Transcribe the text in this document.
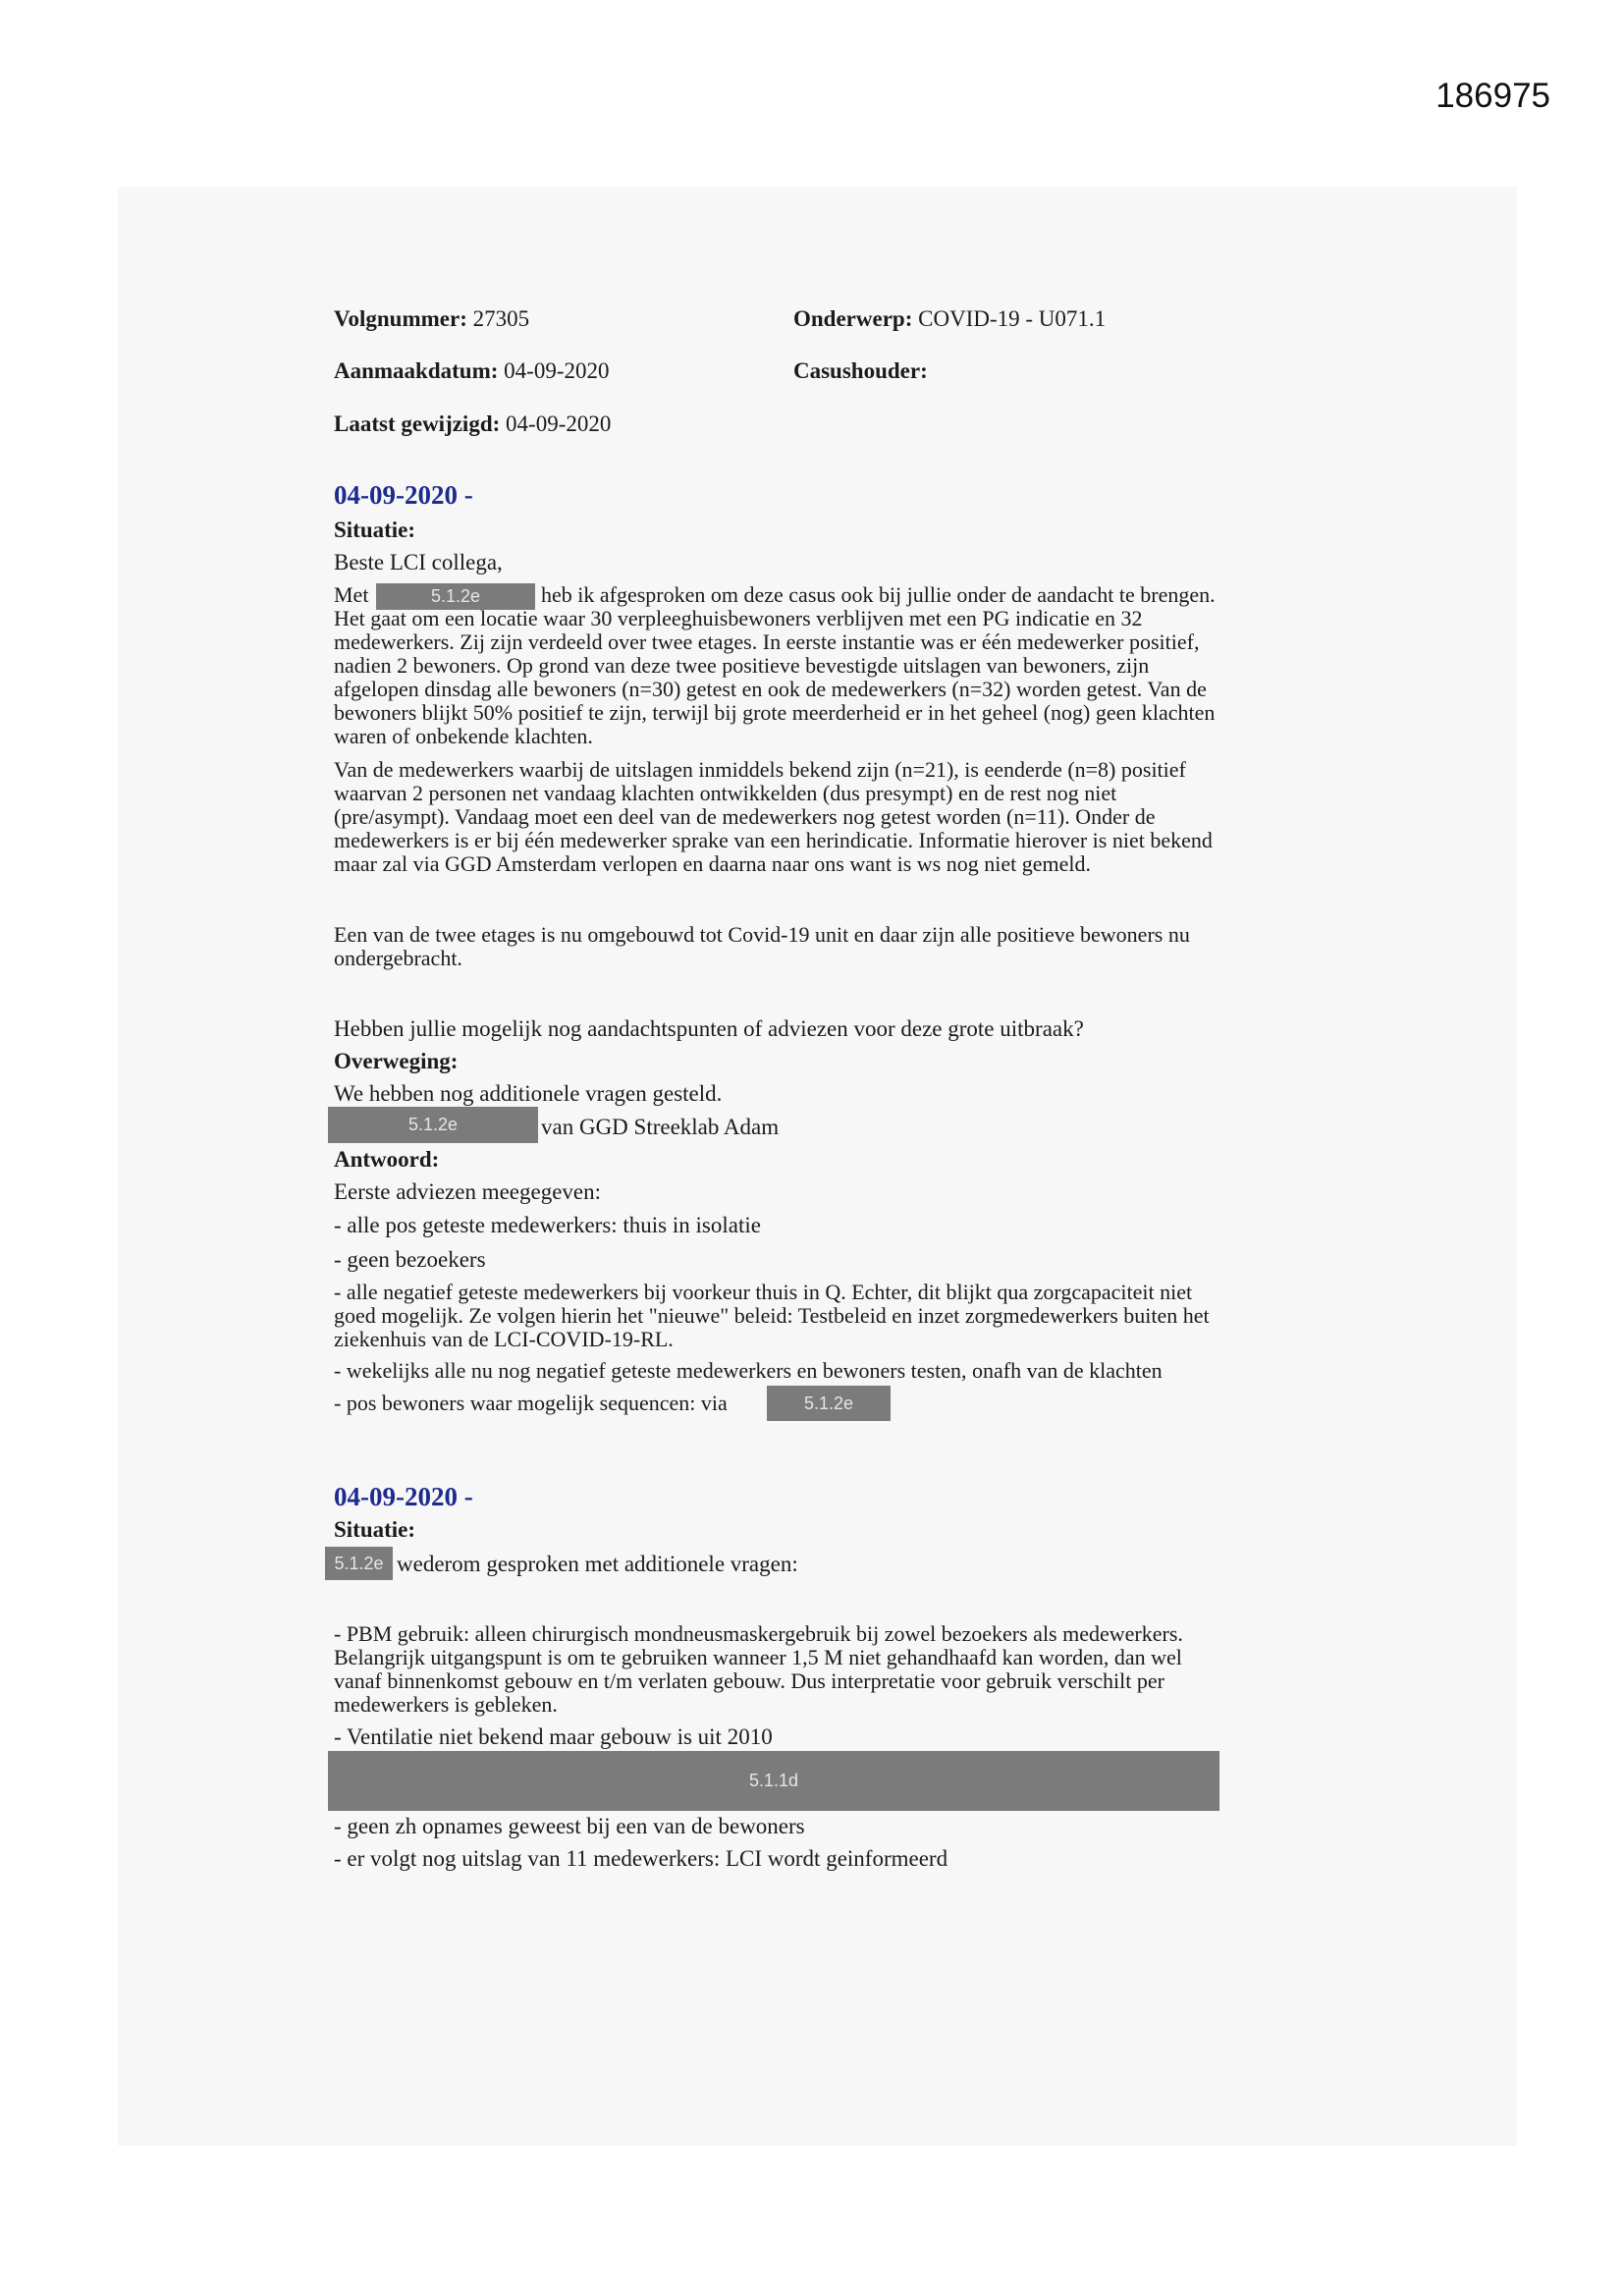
186975
Volgnummer: 27305	Onderwerp: COVID-19 - U071.1
Aanmaakdatum: 04-09-2020	Casushouder:
Laatst gewijzigd: 04-09-2020
04-09-2020 -
Situatie:
Beste LCI collega,
Met	5.1.2e	heb ik afgesproken om deze casus ook bij jullie onder de aandacht te brengen.
Het gaat om een locatie waar 30 verpleeghuisbewoners verblijven met een PG indicatie en 32
medewerkers. Zij zijn verdeeld over twee etages. In eerste instantie was er één medewerker positief,
nadien 2 bewoners. Op grond van deze twee positieve bevestigde uitslagen van bewoners, zijn
afgelopen dinsdag alle bewoners (n=30) getest en ook de medewerkers (n=32) worden getest. Van de
bewoners blijkt 50% positief te zijn, terwijl bij grote meerderheid er in het geheel (nog) geen klachten
waren of onbekende klachten.
Van de medewerkers waarbij de uitslagen inmiddels bekend zijn (n=21), is eenderde (n=8) positief
waarvan 2 personen net vandaag klachten ontwikkelden (dus presympt) en de rest nog niet
(pre/asympt). Vandaag moet een deel van de medewerkers nog getest worden (n=11). Onder de
medewerkers is er bij één medewerker sprake van een herindicatie. Informatie hierover is niet bekend
maar zal via GGD Amsterdam verlopen en daarna naar ons want is ws nog niet gemeld.
Een van de twee etages is nu omgebouwd tot Covid-19 unit en daar zijn alle positieve bewoners nu
ondergebracht.
Hebben jullie mogelijk nog aandachtspunten of adviezen voor deze grote uitbraak?
Overweging:
We hebben nog additionele vragen gesteld.
5.1.2e	van GGD Streeklab Adam
Antwoord:
Eerste adviezen meegegeven:
- alle pos geteste medewerkers: thuis in isolatie
- geen bezoekers
- alle negatief geteste medewerkers bij voorkeur thuis in Q. Echter, dit blijkt qua zorgcapaciteit niet
goed mogelijk. Ze volgen hierin het "nieuwe" beleid: Testbeleid en inzet zorgmedewerkers buiten het
ziekenhuis van de LCI-COVID-19-RL.
- wekelijks alle nu nog negatief geteste medewerkers en bewoners testen, onafh van de klachten
- pos bewoners waar mogelijk sequencen: via	5.1.2e
04-09-2020 -
Situatie:
5.1.2e wederom gesproken met additionele vragen:
- PBM gebruik: alleen chirurgisch mondneusmaskergebruik bij zowel bezoekers als medewerkers.
Belangrijk uitgangspunt is om te gebruiken wanneer 1,5 M niet gehandhaafd kan worden, dan wel
vanaf binnenkomst gebouw en t/m verlaten gebouw. Dus interpretatie voor gebruik verschilt per
medewerkers is gebleken.
- Ventilatie niet bekend maar gebouw is uit 2010
5.1.1d
- geen zh opnames geweest bij een van de bewoners
- er volgt nog uitslag van 11 medewerkers: LCI wordt geinformeerd
